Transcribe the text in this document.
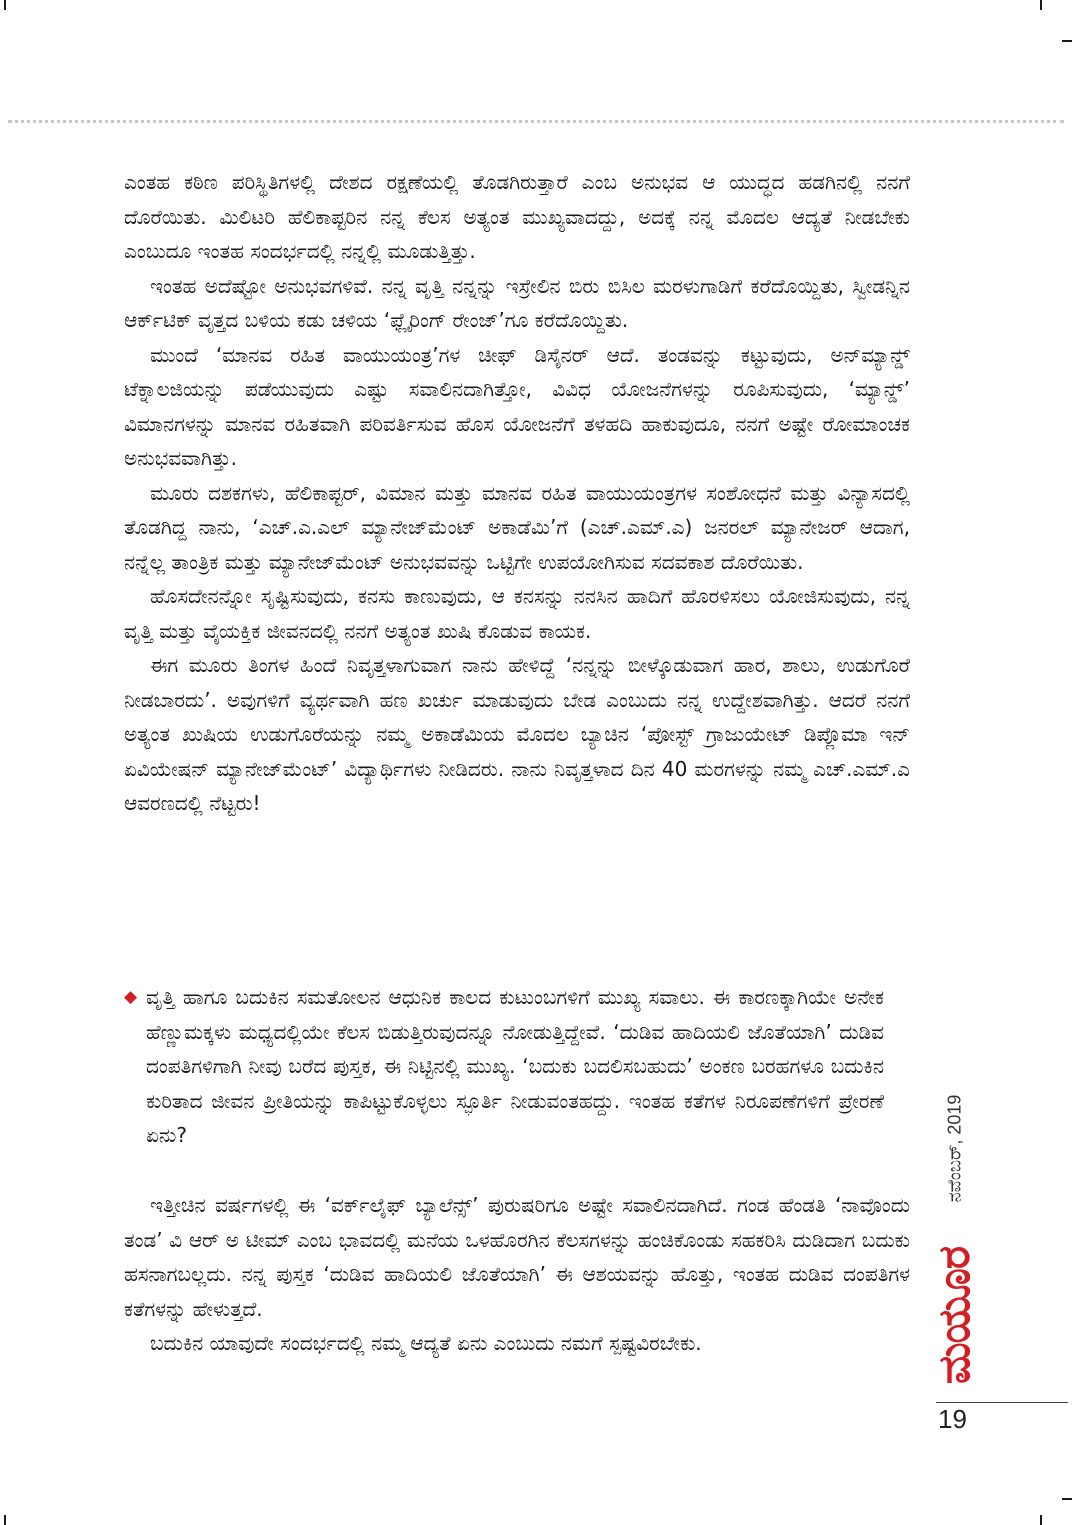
ಎಂತಹ ಕಠಿಣ ಪರಿಸ್ಥಿತಿಗಳಲ್ಲಿ ದೇಶದ ರಕ್ಷಣೆಯಲ್ಲಿ ತೊಡಗಿರುತ್ತಾರೆ ಎಂಬ ಅನುಭವ ಆ ಯುದ್ಧದ ಹಡಗಿನಲ್ಲಿ ನನಗೆ ದೊರೆಯಿತು. ಮಿಲಿಟರಿ ಹೆಲಿಕಾಪ್ಟರಿನ ನನ್ನ ಕೆಲಸ ಅತ್ಯಂತ ಮುಖ್ಯವಾದದ್ದು, ಅದಕ್ಕೆ ನನ್ನ ಮೊದಲ ಆದ್ಯತೆ ನೀಡಬೇಕು ಎಂಬುದೂ ಇಂತಹ ಸಂದರ್ಭದಲ್ಲಿ ನನ್ನಲ್ಲಿ ಮೂಡುತ್ತಿತ್ತು.

ಇಂತಹ ಅದೆಷ್ಟೋ ಅನುಭವಗಳಿವೆ. ನನ್ನ ವೃತ್ತಿ ನನ್ನನ್ನು ಇಸ್ರೇಲಿನ ಬಿರು ಬಿಸಿಲ ಮರಳುಗಾಡಿಗೆ ಕರೆದೊಯ್ದಿತು, ಸ್ವೀಡನ್ನಿನ ಆರ್ಕ್‌ಟಿಕ್ ವೃತ್ತದ ಬಳಿಯ ಕಡು ಚಳಿಯ ‘ಫ್ಲೈರಿಂಗ್ ರೇಂಜ್’ಗೂ ಕರೆದೊಯ್ದಿತು.

ಮುಂದೆ ‘ಮಾನವ ರಹಿತ ವಾಯುಯಂತ್ರ’ಗಳ ಚೀಫ್ ಡಿಸೈನರ್ ಆದೆ. ತಂಡವನ್ನು ಕಟ್ಟುವುದು, ಅನ್‌ಮ್ಯಾನ್ಡ್ ಟೆಕ್ನಾಲಜಿಯನ್ನು ಪಡೆಯುವುದು ಎಷ್ಟು ಸವಾಲಿನದಾಗಿತ್ತೋ, ವಿವಿಧ ಯೋಜನೆಗಳನ್ನು ರೂಪಿಸುವುದು, ‘ಮ್ಯಾನ್ಡ್’ ವಿಮಾನಗಳನ್ನು ಮಾನವ ರಹಿತವಾಗಿ ಪರಿವರ್ತಿಸುವ ಹೊಸ ಯೋಜನೆಗೆ ತಳಹದಿ ಹಾಕುವುದೂ, ನನಗೆ ಅಷ್ಟೇ ರೋಮಾಂಚಕ ಅನುಭವವಾಗಿತ್ತು.

ಮೂರು ದಶಕಗಳು, ಹೆಲಿಕಾಪ್ಟರ್, ವಿಮಾನ ಮತ್ತು ಮಾನವ ರಹಿತ ವಾಯುಯಂತ್ರಗಳ ಸಂಶೋಧನೆ ಮತ್ತು ವಿನ್ಯಾಸದಲ್ಲಿ ತೊಡಗಿದ್ದ ನಾನು, ‘ಎಚ್.ಎ.ಎಲ್ ಮ್ಯಾನೇಜ್‌ಮೆಂಟ್ ಅಕಾಡೆಮಿ’ಗೆ (ಎಚ್.ಎಮ್.ಎ) ಜನರಲ್ ಮ್ಯಾನೇಜರ್ ಆದಾಗ, ನನ್ನೆಲ್ಲ ತಾಂತ್ರಿಕ ಮತ್ತು ಮ್ಯಾನೇಜ್‌ಮೆಂಟ್ ಅನುಭವವನ್ನು ಒಟ್ಟಿಗೇ ಉಪಯೋಗಿಸುವ ಸದವಕಾಶ ದೊರೆಯಿತು.

ಹೊಸದೇನನ್ನೋ ಸೃಷ್ಟಿಸುವುದು, ಕನಸು ಕಾಣುವುದು, ಆ ಕನಸನ್ನು ನನಸಿನ ಹಾದಿಗೆ ಹೊರಳಿಸಲು ಯೋಜಿಸುವುದು, ನನ್ನ ವೃತ್ತಿ ಮತ್ತು ವೈಯಕ್ತಿಕ ಜೀವನದಲ್ಲಿ ನನಗೆ ಅತ್ಯಂತ ಖುಷಿ ಕೊಡುವ ಕಾಯಕ.

ಈಗ ಮೂರು ತಿಂಗಳ ಹಿಂದೆ ನಿವೃತ್ತಳಾಗುವಾಗ ನಾನು ಹೇಳಿದ್ದೆ ‘ನನ್ನನ್ನು ಬೀಳ್ಕೊಡುವಾಗ ಹಾರ, ಶಾಲು, ಉಡುಗೊರೆ ನೀಡಬಾರದು’. ಅವುಗಳಿಗೆ ವ್ಯರ್ಥವಾಗಿ ಹಣ ಖರ್ಚು ಮಾಡುವುದು ಬೇಡ ಎಂಬುದು ನನ್ನ ಉದ್ದೇಶವಾಗಿತ್ತು. ಆದರೆ ನನಗೆ ಅತ್ಯಂತ ಖುಷಿಯ ಉಡುಗೊರೆಯನ್ನು ನಮ್ಮ ಅಕಾಡೆಮಿಯ ಮೊದಲ ಬ್ಯಾಚಿನ ‘ಪೋಸ್ಟ್ ಗ್ರಾಜುಯೇಟ್ ಡಿಪ್ಲೊಮಾ ಇನ್ ಏವಿಯೇಷನ್ ಮ್ಯಾನೇಜ್‌ಮೆಂಟ್’ ವಿದ್ಯಾರ್ಥಿಗಳು ನೀಡಿದರು. ನಾನು ನಿವೃತ್ತಳಾದ ದಿನ 40 ಮರಗಳನ್ನು ನಮ್ಮ ಎಚ್.ಎಮ್.ಎ ಆವರಣದಲ್ಲಿ ನೆಟ್ಟರು!

◆ ವೃತ್ತಿ ಹಾಗೂ ಬದುಕಿನ ಸಮತೋಲನ ಆಧುನಿಕ ಕಾಲದ ಕುಟುಂಬಗಳಿಗೆ ಮುಖ್ಯ ಸವಾಲು. ಈ ಕಾರಣಕ್ಕಾಗಿಯೇ ಅನೇಕ ಹೆಣ್ಣುಮಕ್ಕಳು ಮಧ್ಯದಲ್ಲಿಯೇ ಕೆಲಸ ಬಿಡುತ್ತಿರುವುದನ್ನೂ ನೋಡುತ್ತಿದ್ದೇವೆ. ‘ದುಡಿವ ಹಾದಿಯಲಿ ಜೊತೆಯಾಗಿ’ ದುಡಿವ ದಂಪತಿಗಳಿಗಾಗಿ ನೀವು ಬರೆದ ಪುಸ್ತಕ, ಈ ನಿಟ್ಟಿನಲ್ಲಿ ಮುಖ್ಯ. ‘ಬದುಕು ಬದಲಿಸಬಹುದು’ ಅಂಕಣ ಬರಹಗಳೂ ಬದುಕಿನ ಕುರಿತಾದ ಜೀವನ ಪ್ರೀತಿಯನ್ನು ಕಾಪಿಟ್ಟುಕೊಳ್ಳಲು ಸ್ಫೂರ್ತಿ ನೀಡುವಂತಹದ್ದು. ಇಂತಹ ಕತೆಗಳ ನಿರೂಪಣೆಗಳಿಗೆ ಪ್ರೇರಣೆ ಏನು?

ಇತ್ತೀಚಿನ ವರ್ಷಗಳಲ್ಲಿ ಈ ‘ವರ್ಕ್‌ಲೈಫ್ ಬ್ಯಾಲೆನ್ಸ್’ ಪುರುಷರಿಗೂ ಅಷ್ಟೇ ಸವಾಲಿನದಾಗಿದೆ. ಗಂಡ ಹೆಂಡತಿ ‘ನಾವೊಂದು ತಂಡ’ ವಿ ಆರ್ ಅ ಟೀಮ್ ಎಂಬ ಭಾವದಲ್ಲಿ ಮನೆಯ ಒಳಹೊರಗಿನ ಕೆಲಸಗಳನ್ನು ಹಂಚಿಕೊಂಡು ಸಹಕರಿಸಿ ದುಡಿದಾಗ ಬದುಕು ಹಸನಾಗಬಲ್ಲದು. ನನ್ನ ಪುಸ್ತಕ ‘ದುಡಿವ ಹಾದಿಯಲಿ ಜೊತೆಯಾಗಿ’ ಈ ಆಶಯವನ್ನು ಹೊತ್ತು, ಇಂತಹ ದುಡಿವ ದಂಪತಿಗಳ ಕತೆಗಳನ್ನು ಹೇಳುತ್ತದೆ.

ಬದುಕಿನ ಯಾವುದೇ ಸಂದರ್ಭದಲ್ಲಿ ನಮ್ಮ ಆದ್ಯತೆ ಏನು ಎಂಬುದು ನಮಗೆ ಸ್ಪಷ್ಟವಿರಬೇಕು.

ನವೆಂಬರ್, 2019
ಮಯೂರ
19
